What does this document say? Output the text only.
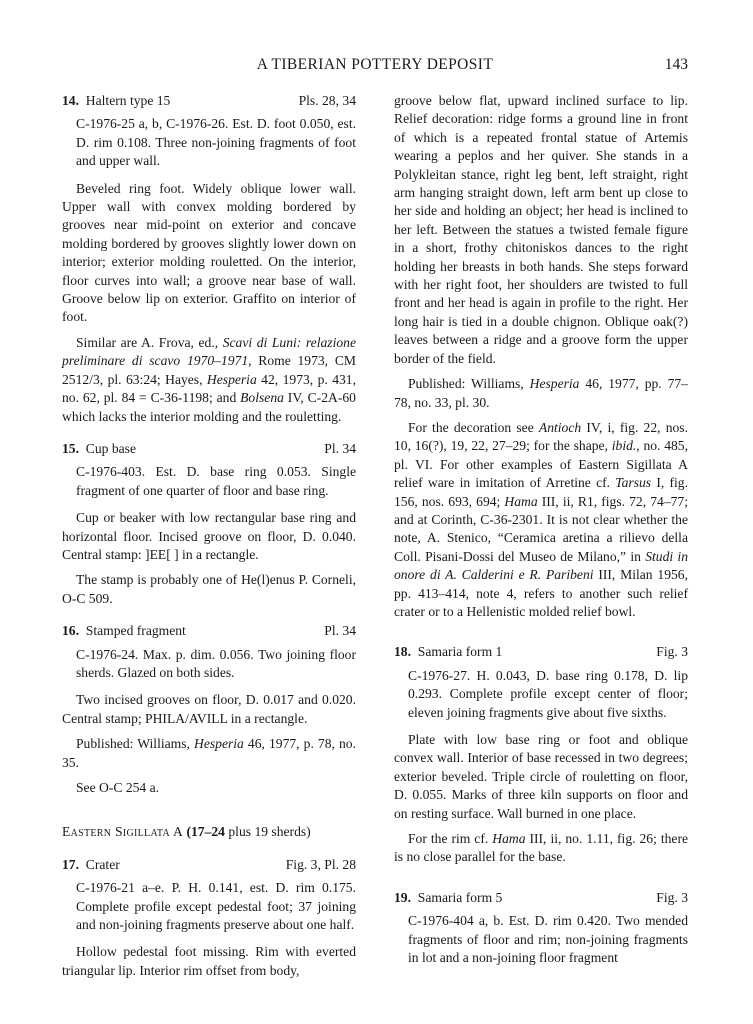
A TIBERIAN POTTERY DEPOSIT	143
14. Haltern type 15	Pls. 28, 34

C-1976-25 a, b, C-1976-26. Est. D. foot 0.050, est. D. rim 0.108. Three non-joining fragments of foot and upper wall.

Beveled ring foot. Widely oblique lower wall. Upper wall with convex molding bordered by grooves near mid-point on exterior and concave molding bordered by grooves slightly lower down on interior; exterior molding rouletted. On the interior, floor curves into wall; a groove near base of wall. Groove below lip on exterior. Graffito on interior of foot.

Similar are A. Frova, ed., Scavi di Luni: relazione preliminare di scavo 1970–1971, Rome 1973, CM 2512/3, pl. 63:24; Hayes, Hesperia 42, 1973, p. 431, no. 62, pl. 84 = C-36-1198; and Bolsena IV, C-2A-60 which lacks the interior molding and the rouletting.

15. Cup base	Pl. 34

C-1976-403. Est. D. base ring 0.053. Single fragment of one quarter of floor and base ring.

Cup or beaker with low rectangular base ring and horizontal floor. Incised groove on floor, D. 0.040. Central stamp: ]EE[ ] in a rectangle.

The stamp is probably one of He(l)enus P. Corneli, O-C 509.

16. Stamped fragment	Pl. 34

C-1976-24. Max. p. dim. 0.056. Two joining floor sherds. Glazed on both sides.

Two incised grooves on floor, D. 0.017 and 0.020. Central stamp; PHILA/AVILL in a rectangle.

Published: Williams, Hesperia 46, 1977, p. 78, no. 35.

See O-C 254 a.

Eastern Sigillata A (17–24 plus 19 sherds)
17. Crater	Fig. 3, Pl. 28

C-1976-21 a–e. P. H. 0.141, est. D. rim 0.175. Complete profile except pedestal foot; 37 joining and non-joining fragments preserve about one half.

Hollow pedestal foot missing. Rim with everted triangular lip. Interior rim offset from body,

groove below flat, upward inclined surface to lip. Relief decoration: ridge forms a ground line in front of which is a repeated frontal statue of Artemis wearing a peplos and her quiver. She stands in a Polykleitan stance, right leg bent, left straight, right arm hanging straight down, left arm bent up close to her side and holding an object; her head is inclined to her left. Between the statues a twisted female figure in a short, frothy chitoniskos dances to the right holding her breasts in both hands. She steps forward with her right foot, her shoulders are twisted to full front and her head is again in profile to the right. Her long hair is tied in a double chignon. Oblique oak(?) leaves between a ridge and a groove form the upper border of the field.

Published: Williams, Hesperia 46, 1977, pp. 77–78, no. 33, pl. 30.

For the decoration see Antioch IV, i, fig. 22, nos. 10, 16(?), 19, 22, 27–29; for the shape, ibid., no. 485, pl. VI. For other examples of Eastern Sigillata A relief ware in imitation of Arretine cf. Tarsus I, fig. 156, nos. 693, 694; Hama III, ii, R1, figs. 72, 74–77; and at Corinth, C-36-2301. It is not clear whether the note, A. Stenico, “Ceramica aretina a rilievo della Coll. Pisani-Dossi del Museo de Milano,” in Studi in onore di A. Calderini e R. Paribeni III, Milan 1956, pp. 413–414, note 4, refers to another such relief crater or to a Hellenistic molded relief bowl.

18. Samaria form 1	Fig. 3

C-1976-27. H. 0.043, D. base ring 0.178, D. lip 0.293. Complete profile except center of floor; eleven joining fragments give about five sixths.

Plate with low base ring or foot and oblique convex wall. Interior of base recessed in two degrees; exterior beveled. Triple circle of rouletting on floor, D. 0.055. Marks of three kiln supports on floor and on resting surface. Wall burned in one place.

For the rim cf. Hama III, ii, no. 1.11, fig. 26; there is no close parallel for the base.

19. Samaria form 5	Fig. 3

C-1976-404 a, b. Est. D. rim 0.420. Two mended fragments of floor and rim; non-joining fragments in lot and a non-joining floor fragment
